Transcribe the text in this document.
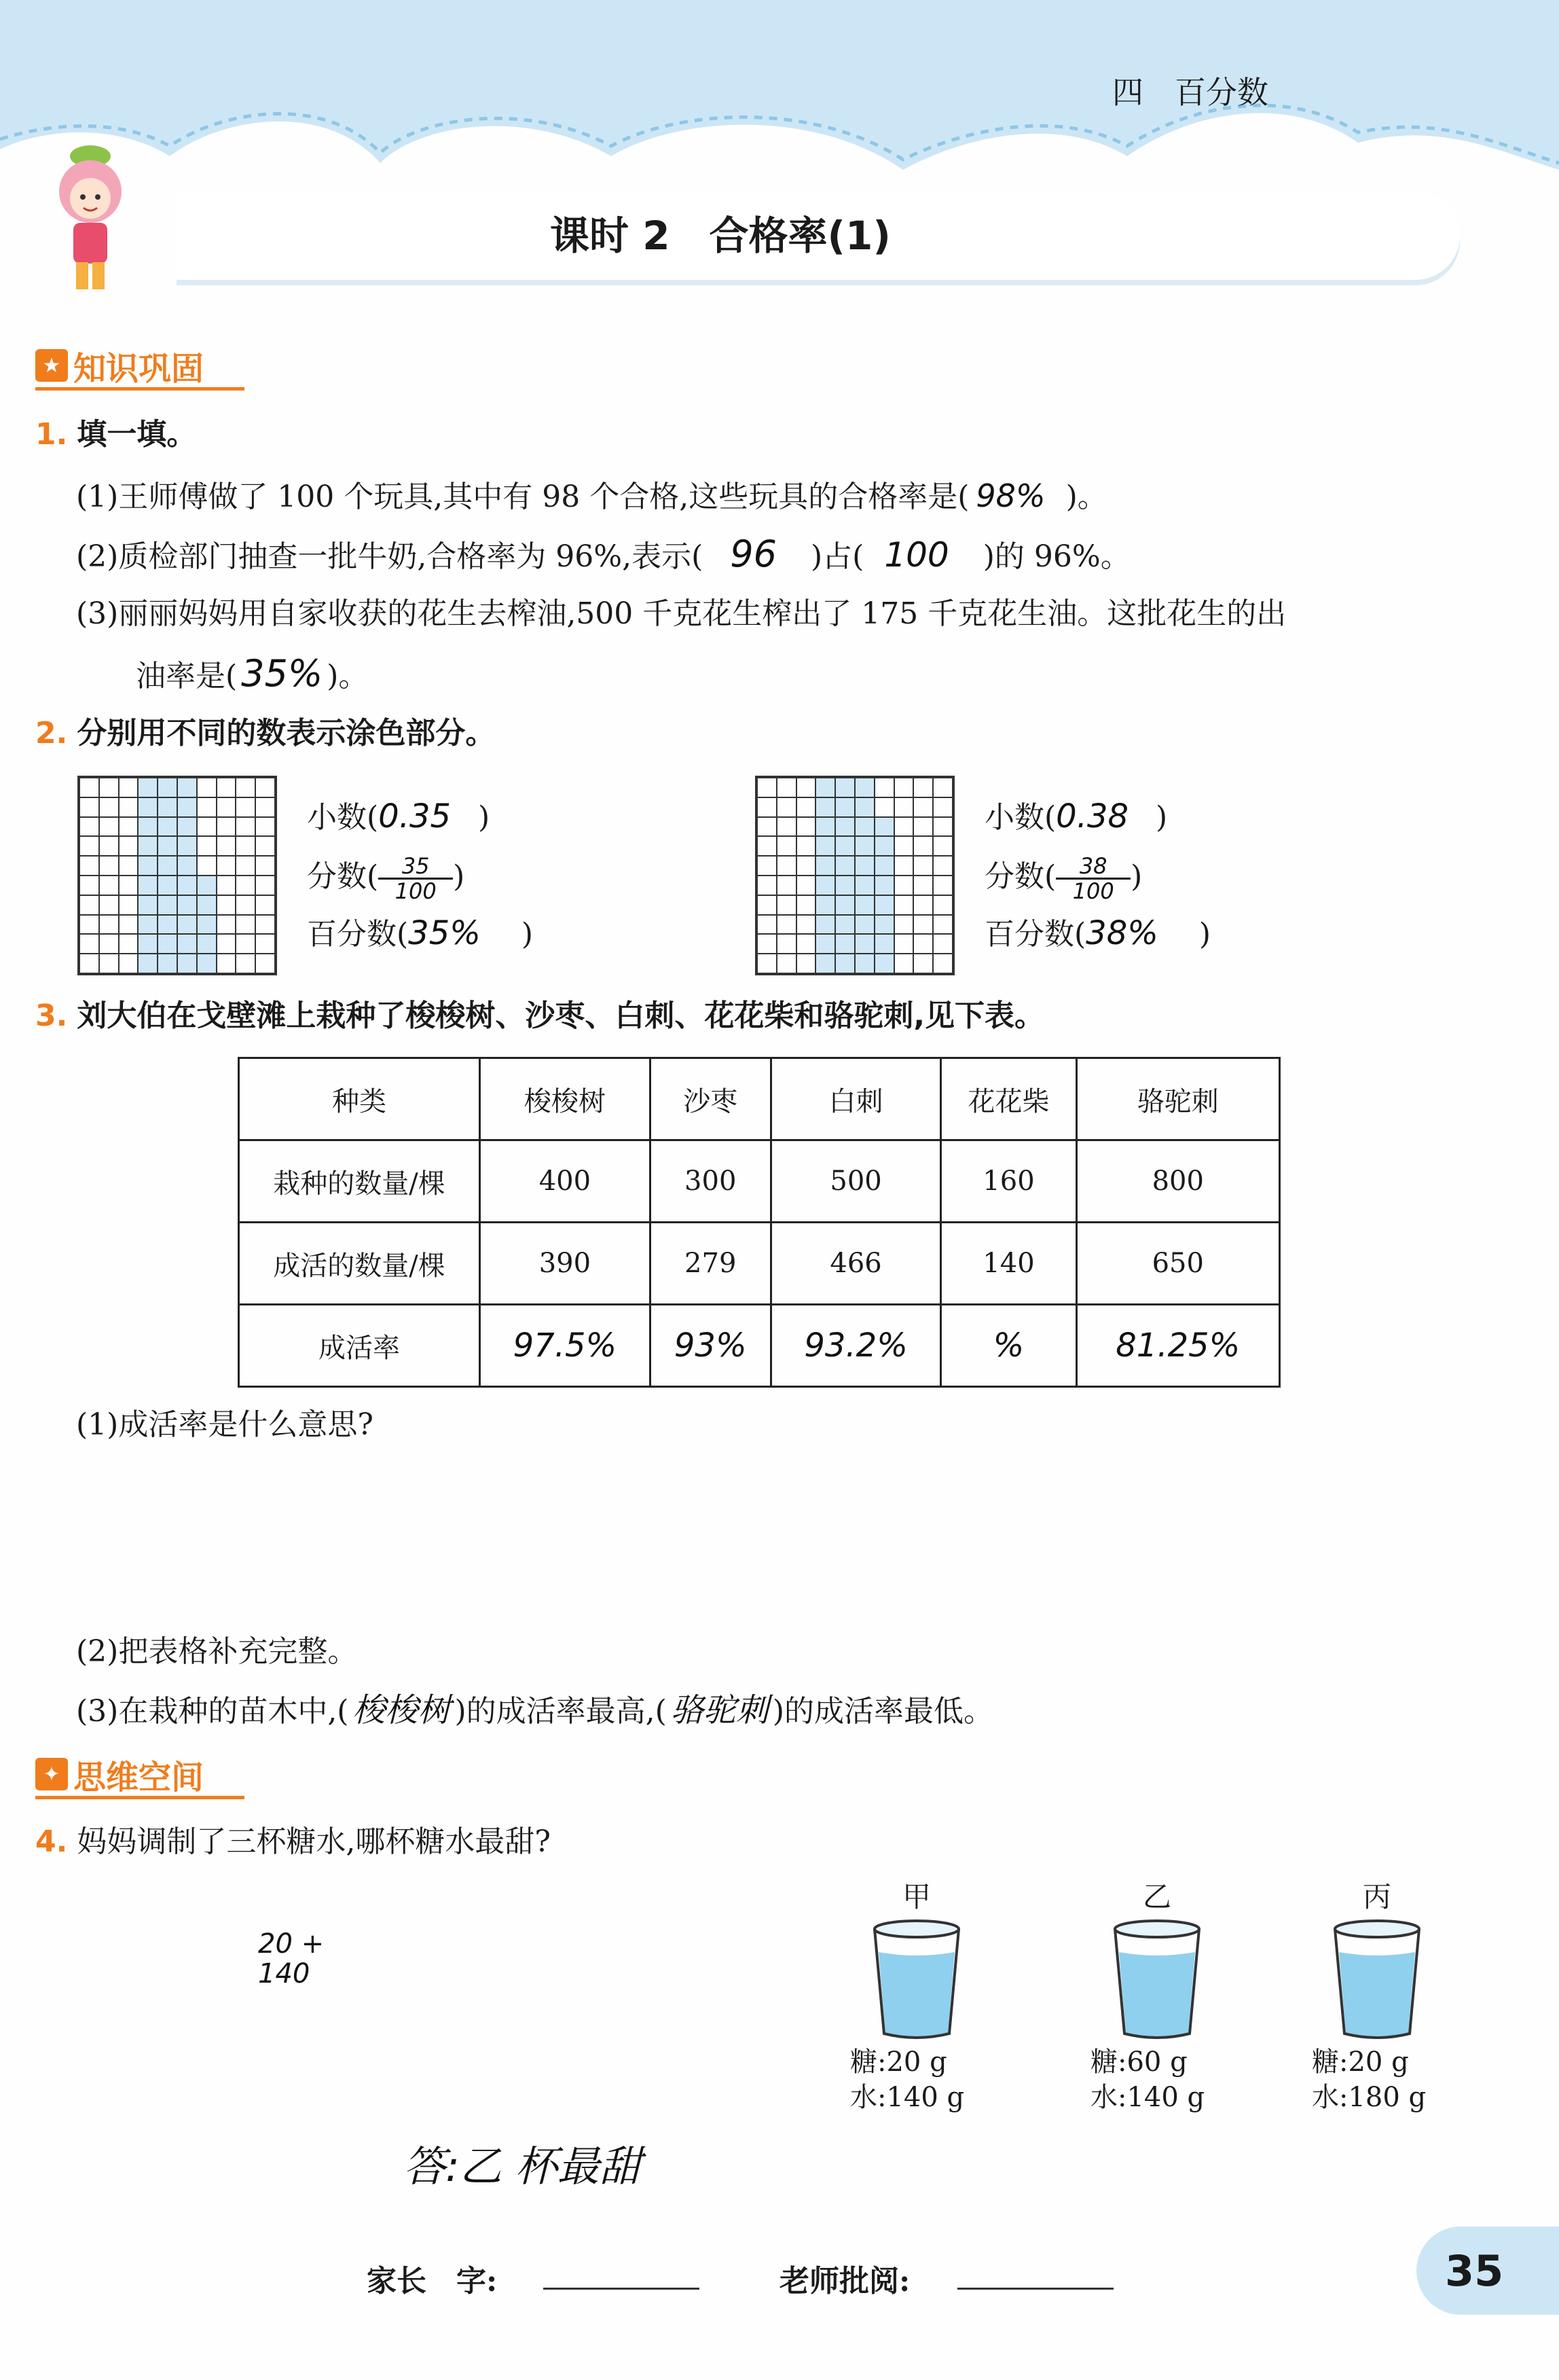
四　百分数
课时 2　合格率(1)
★ 知识巩固
1. 填一填。
(1)王师傅做了 100 个玩具,其中有 98 个合格,这些玩具的合格率是( 98% )。
(2)质检部门抽查一批牛奶,合格率为 96%,表示( 96 )占( 100 )的 96%。
(3)丽丽妈妈用自家收获的花生去榨油,500 千克花生榨出了 175 千克花生油。这批花生的出
油率是( 35% )。
2. 分别用不同的数表示涂色部分。
小数(0.35 )
分数( $\frac{35}{100}$ )
百分数(35% )
小数(0.38 )
分数( $\frac{38}{100}$ )
百分数(38% )
3. 刘大伯在戈壁滩上栽种了梭梭树、沙枣、白刺、花花柴和骆驼刺,见下表。
种类	梭梭树	沙枣	白刺	花花柴	骆驼刺
栽种的数量/棵	400	300	500	160	800
成活的数量/棵	390	279	466	140	650
成活率	97.5%	93%	93.2%	%	81.25%
(1)成活率是什么意思?
(2)把表格补充完整。
(3)在栽种的苗木中,( 梭梭树 )的成活率最高,( 骆驼刺 )的成活率最低。
✦ 思维空间
4. 妈妈调制了三杯糖水,哪杯糖水最甜?
甲	乙	丙
糖:20 g
水:140 g
糖:60 g
水:140 g
糖:20 g
水:180 g
20 + 140
答:乙 杯最甜
家长　字:	老师批阅:	35
